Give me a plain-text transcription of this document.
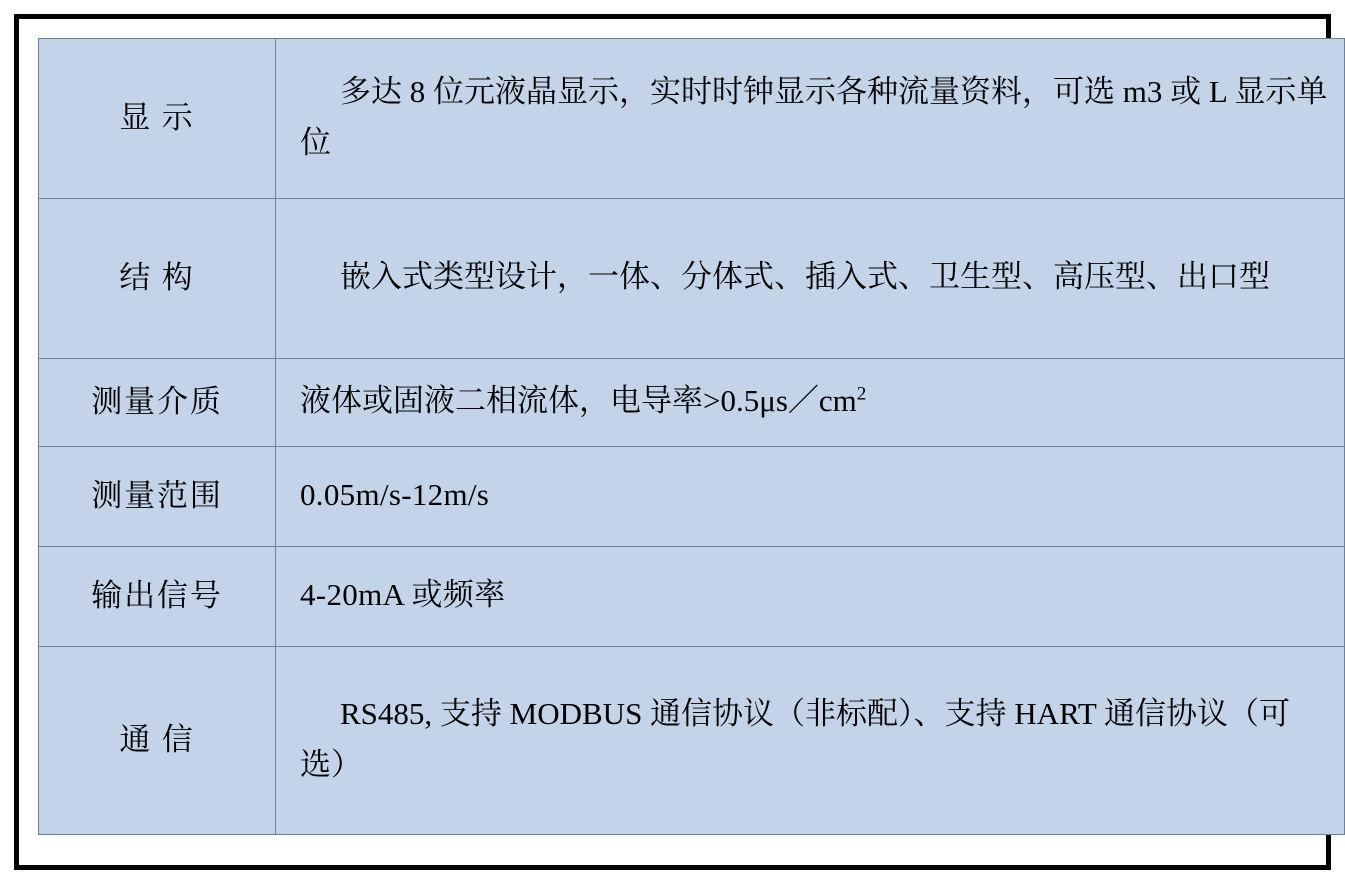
显 示	多达 8 位元液晶显示，实时时钟显示各种流量资料，可选 m3 或 L 显示单位
结 构	嵌入式类型设计，一体、分体式、插入式、卫生型、高压型、出口型
测量介质	液体或固液二相流体，电导率$>0.5\mu s/cm^2$
测量范围	0.05m/s-12m/s
输出信号	4-20mA 或频率
通 信	RS485, 支持 MODBUS 通信协议（非标配）、支持 HART 通信协议（可选）
